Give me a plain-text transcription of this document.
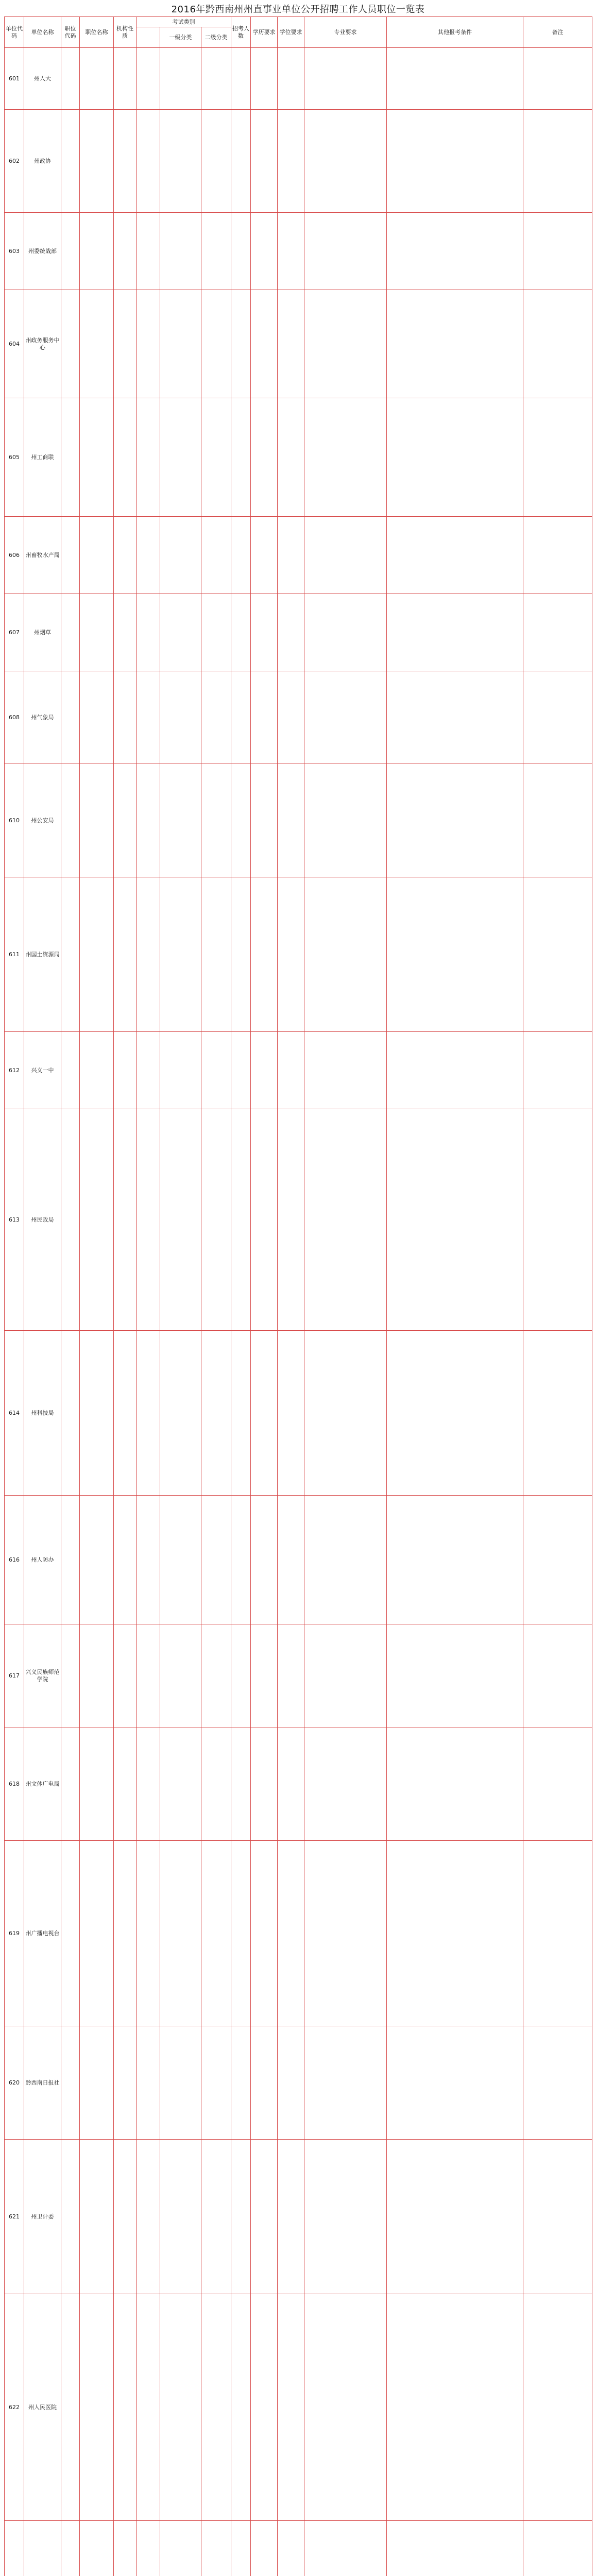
2016年黔西南州州直事业单位公开招聘工作人员职位一览表
单位代码	单位名称	职位代码	职位名称	机构性质	考试类别			招考人数	学历要求	学位要求	专业要求	其他报考条件	备注
						一级分类	二级分类						
601	州人大												
602	州政协												
603	州委统战部												
604	州政务服务中心												
605	州工商联												
606	州畜牧水产局												
607	州烟草												
608	州气象局												
610	州公安局												
611	州国土资源局												
612	兴义一中												
613	州民政局												
614	州科技局												
616	州人防办												
617	兴义民族师范学院												
618	州文体广电局												
619	州广播电视台												
620	黔西南日报社												
621	州卫计委												
622	州人民医院												
